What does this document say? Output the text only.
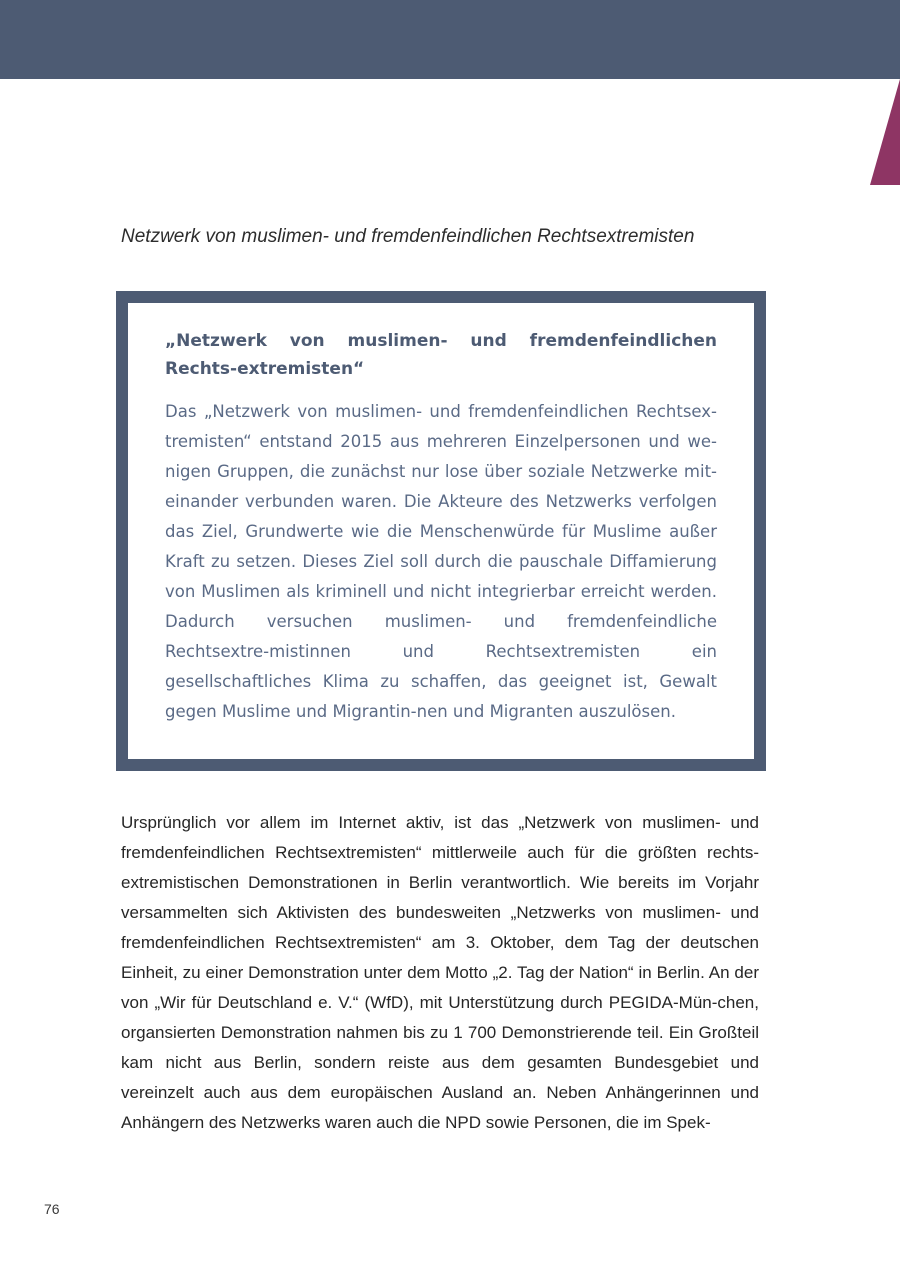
Netzwerk von muslimen- und fremdenfeindlichen Rechtsextremisten

„Netzwerk von muslimen- und fremdenfeindlichen Rechts-extremisten“

Das „Netzwerk von muslimen- und fremdenfeindlichen Rechtsex-tremisten“ entstand 2015 aus mehreren Einzelpersonen und we-nigen Gruppen, die zunächst nur lose über soziale Netzwerke mit-einander verbunden waren. Die Akteure des Netzwerks verfolgen das Ziel, Grundwerte wie die Menschenwürde für Muslime außer Kraft zu setzen. Dieses Ziel soll durch die pauschale Diffamierung von Muslimen als kriminell und nicht integrierbar erreicht werden. Dadurch versuchen muslimen- und fremdenfeindliche Rechtsextre-mistinnen und Rechtsextremisten ein gesellschaftliches Klima zu schaffen, das geeignet ist, Gewalt gegen Muslime und Migrantin-nen und Migranten auszulösen.

Ursprünglich vor allem im Internet aktiv, ist das „Netzwerk von muslimen- und fremdenfeindlichen Rechtsextremisten“ mittlerweile auch für die größten rechts-extremistischen Demonstrationen in Berlin verantwortlich. Wie bereits im Vorjahr versammelten sich Aktivisten des bundesweiten „Netzwerks von muslimen- und fremdenfeindlichen Rechtsextremisten“ am 3. Oktober, dem Tag der deutschen Einheit, zu einer Demonstration unter dem Motto „2. Tag der Nation“ in Berlin. An der von „Wir für Deutschland e. V.“ (WfD), mit Unterstützung durch PEGIDA-Mün-chen, organsierten Demonstration nahmen bis zu 1 700 Demonstrierende teil. Ein Großteil kam nicht aus Berlin, sondern reiste aus dem gesamten Bundesgebiet und vereinzelt auch aus dem europäischen Ausland an. Neben Anhängerinnen und Anhängern des Netzwerks waren auch die NPD sowie Personen, die im Spek-

76
